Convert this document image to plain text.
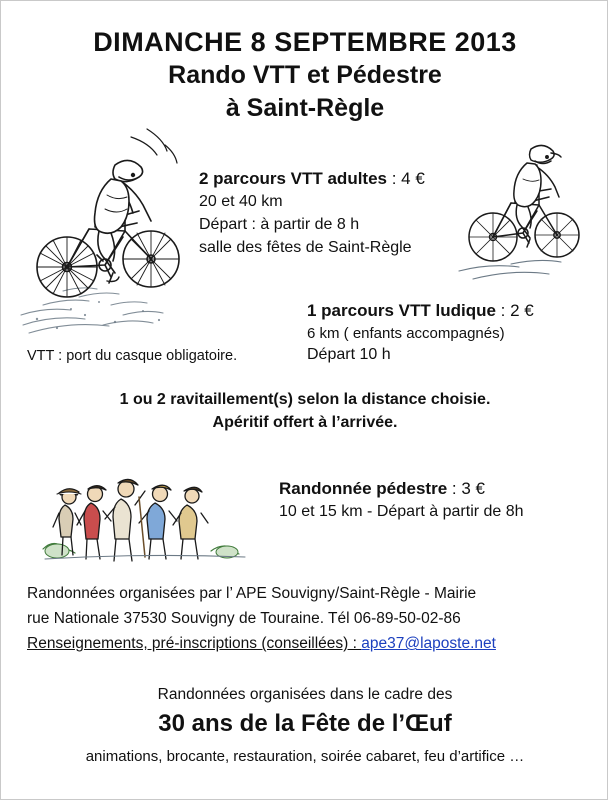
DIMANCHE 8 SEPTEMBRE 2013
Rando VTT et Pédestre
à Saint-Règle
2 parcours VTT adultes : 4 €
20 et 40 km
Départ : à partir de 8 h
salle des fêtes de Saint-Règle
VTT : port du casque obligatoire.
1 parcours VTT ludique : 2 €
6 km ( enfants accompagnés)
Départ 10 h
1 ou 2 ravitaillement(s) selon la distance choisie.
Apéritif offert à l’arrivée.
Randonnée pédestre : 3 €
10 et 15 km - Départ à partir de 8h
Randonnées organisées par l’ APE Souvigny/Saint-Règle - Mairie
rue Nationale 37530 Souvigny de Touraine. Tél 06-89-50-02-86
Renseignements, pré-inscriptions (conseillées) : ape37@laposte.net
Randonnées organisées dans le cadre des
30 ans de la Fête de l’Œuf
animations, brocante, restauration, soirée cabaret, feu d’artifice …
